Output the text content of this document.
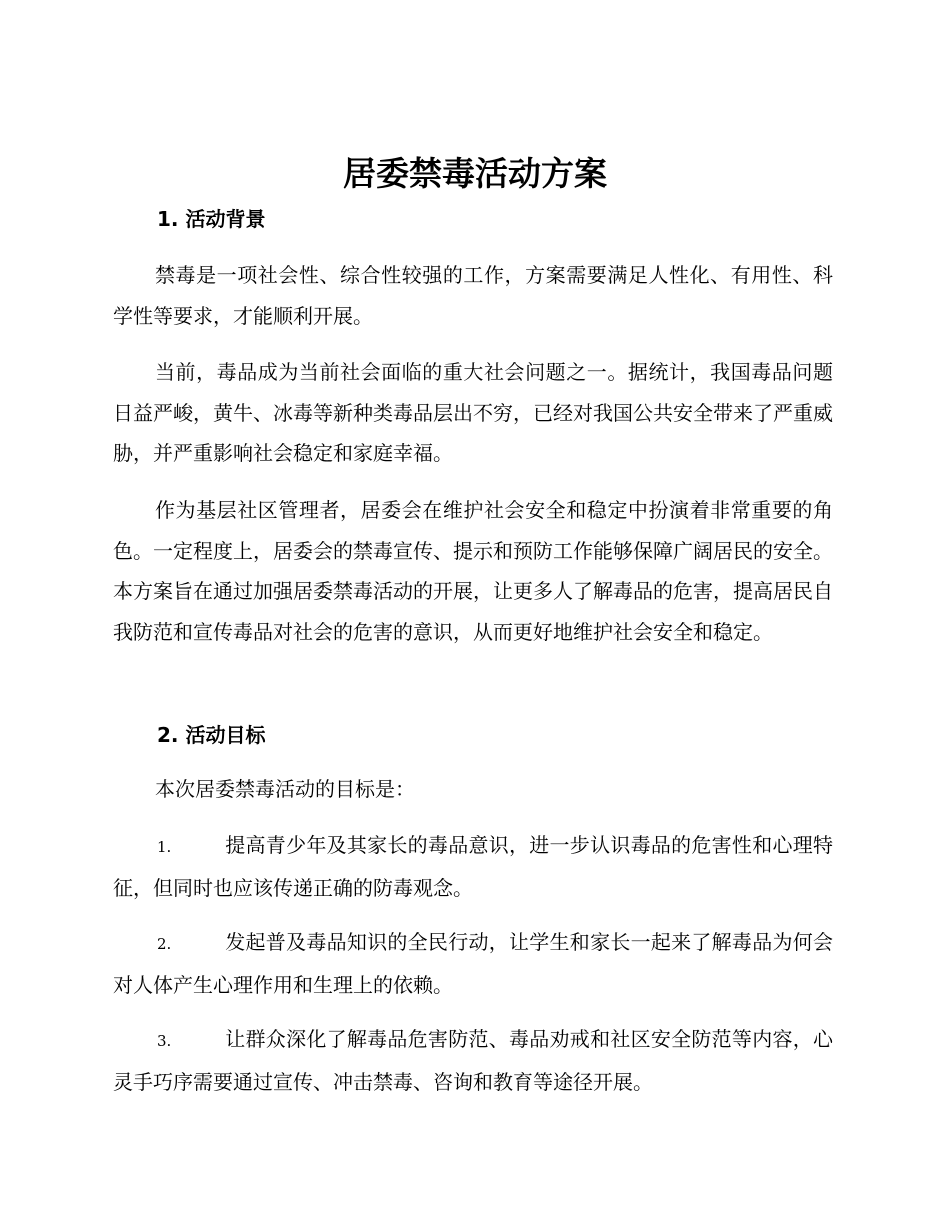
居委禁毒活动方案
1. 活动背景

禁毒是一项社会性、综合性较强的工作，方案需要满足人性化、有用性、科学性等要求，才能顺利开展。

当前，毒品成为当前社会面临的重大社会问题之一。据统计，我国毒品问题日益严峻，黄牛、冰毒等新种类毒品层出不穷，已经对我国公共安全带来了严重威胁，并严重影响社会稳定和家庭幸福。

作为基层社区管理者，居委会在维护社会安全和稳定中扮演着非常重要的角色。一定程度上，居委会的禁毒宣传、提示和预防工作能够保障广阔居民的安全。本方案旨在通过加强居委禁毒活动的开展，让更多人了解毒品的危害，提高居民自我防范和宣传毒品对社会的危害的意识，从而更好地维护社会安全和稳定。

2. 活动目标

本次居委禁毒活动的目标是：

1.	提高青少年及其家长的毒品意识，进一步认识毒品的危害性和心理特征，但同时也应该传递正确的防毒观念。

2.	发起普及毒品知识的全民行动，让学生和家长一起来了解毒品为何会对人体产生心理作用和生理上的依赖。

3.	让群众深化了解毒品危害防范、毒品劝戒和社区安全防范等内容，心灵手巧序需要通过宣传、冲击禁毒、咨询和教育等途径开展。
